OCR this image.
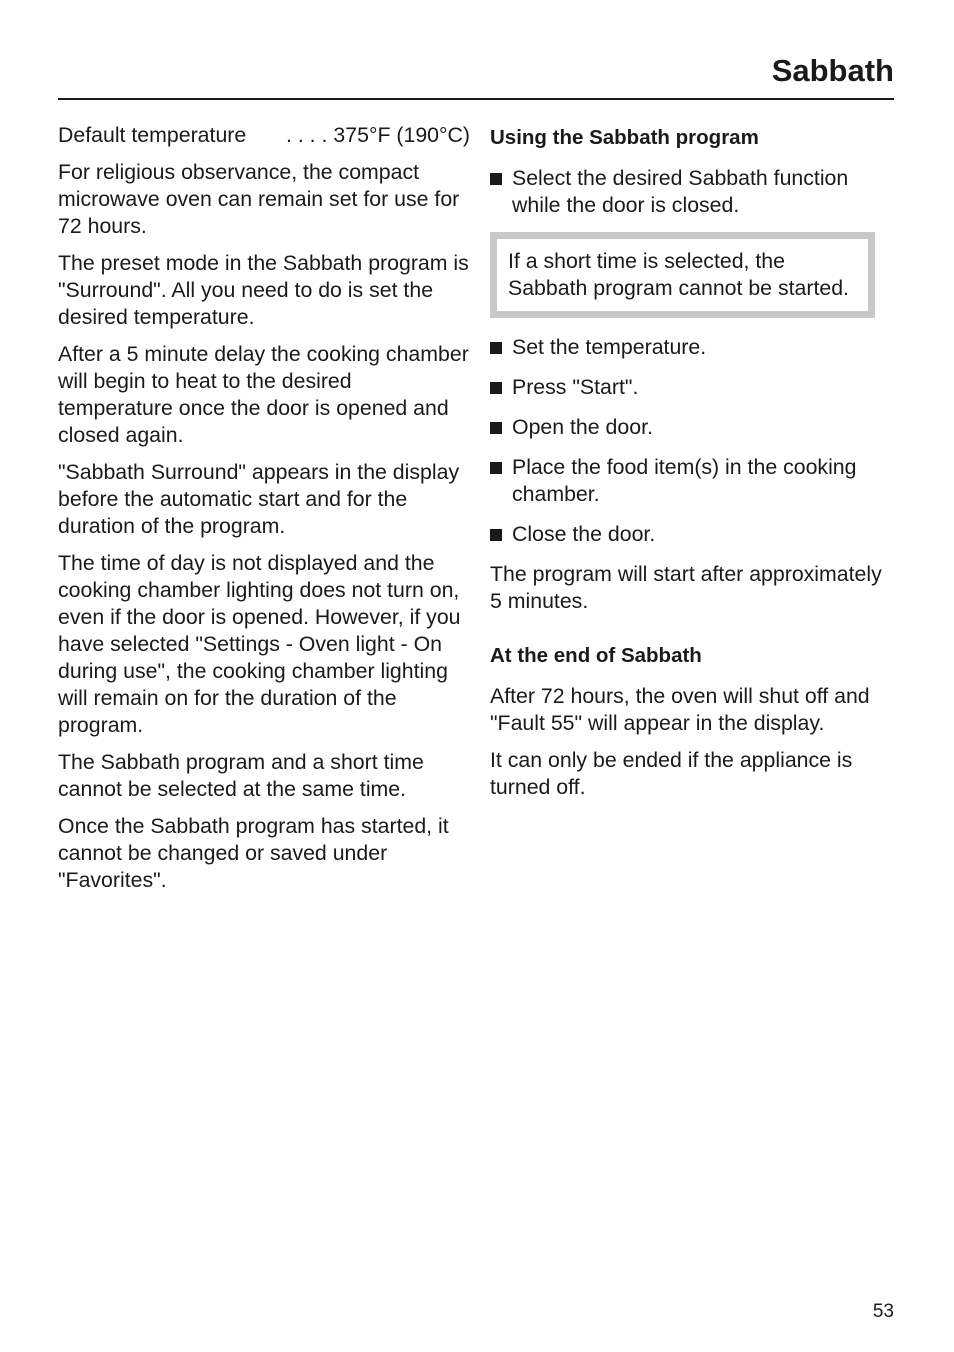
Sabbath
Default temperature	. . . . 375°F (190°C)

For religious observance, the compact microwave oven can remain set for use for 72 hours.

The preset mode in the Sabbath program is "Surround". All you need to do is set the desired temperature.

After a 5 minute delay the cooking chamber will begin to heat to the desired temperature once the door is opened and closed again.

"Sabbath Surround" appears in the display before the automatic start and for the duration of the program.

The time of day is not displayed and the cooking chamber lighting does not turn on, even if the door is opened. However, if you have selected "Settings - Oven light - On during use", the cooking chamber lighting will remain on for the duration of the program.

The Sabbath program and a short time cannot be selected at the same time.

Once the Sabbath program has started, it cannot be changed or saved under "Favorites".

Using the Sabbath program
Select the desired Sabbath function while the door is closed.
If a short time is selected, the Sabbath program cannot be started.
Set the temperature.
Press "Start".
Open the door.
Place the food item(s) in the cooking chamber.
Close the door.

The program will start after approximately 5 minutes.

At the end of Sabbath

After 72 hours, the oven will shut off and "Fault 55" will appear in the display.

It can only be ended if the appliance is turned off.

53
